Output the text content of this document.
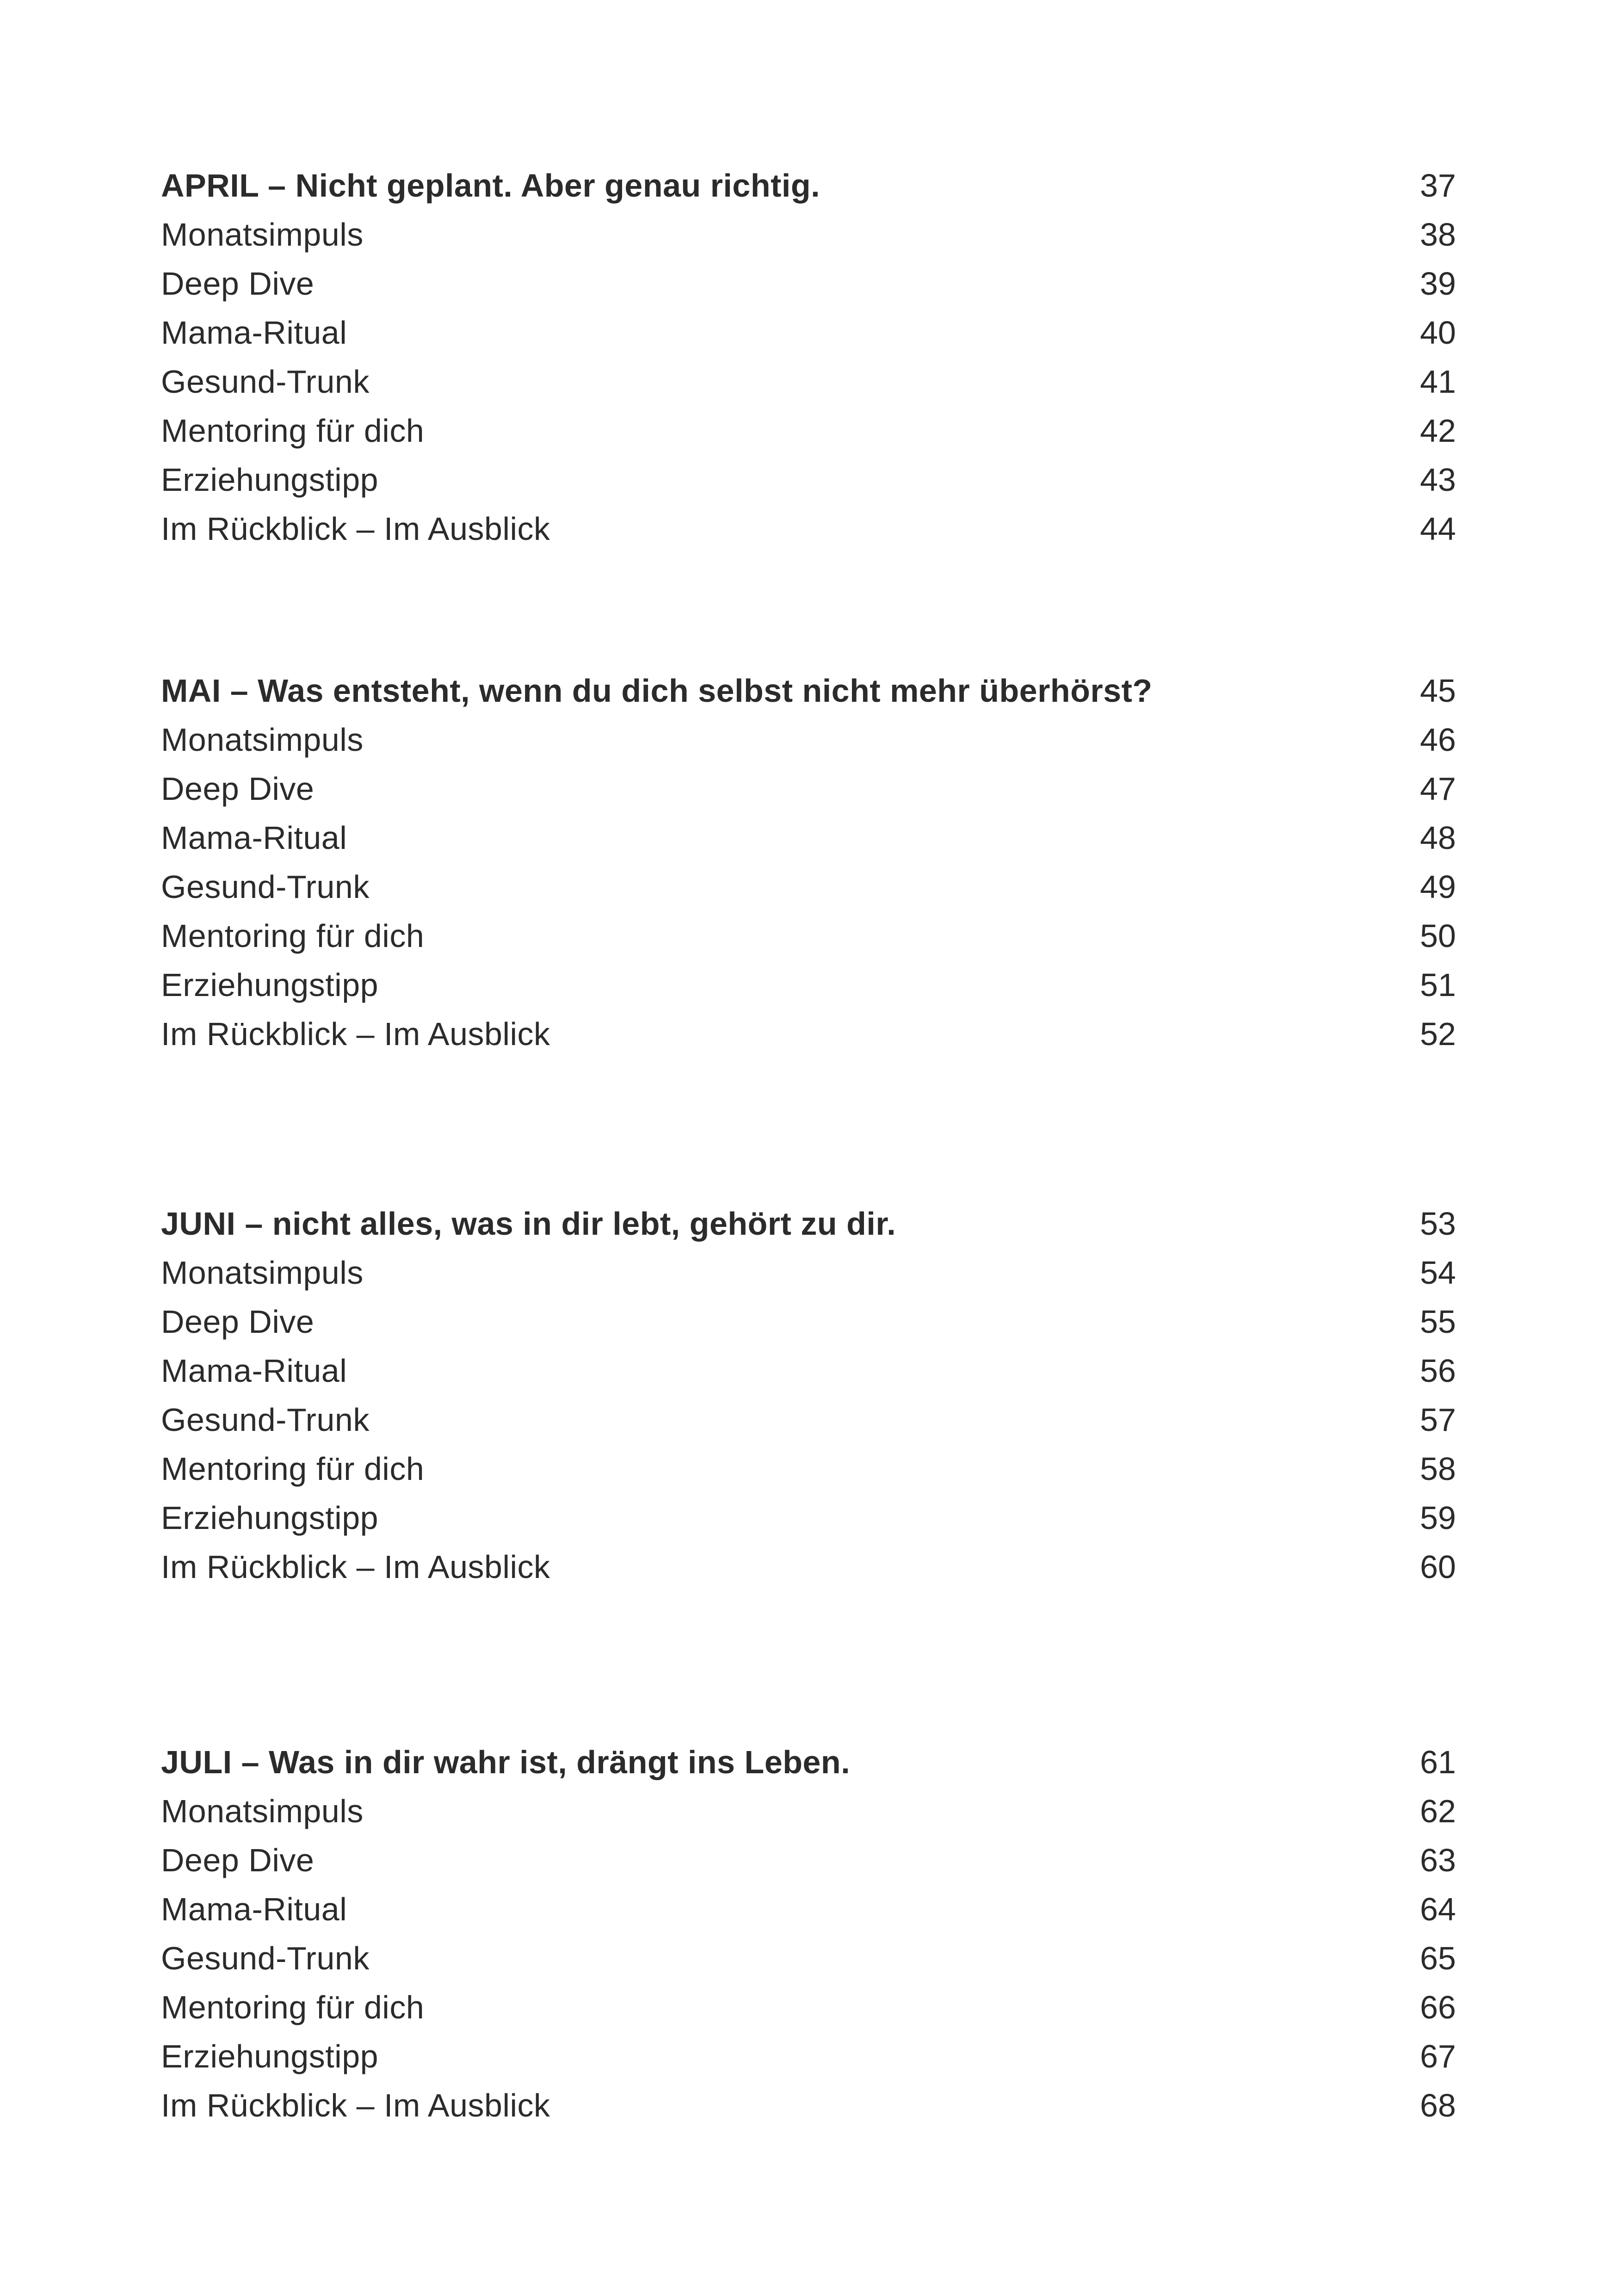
APRIL – Nicht geplant. Aber genau richtig.	37
Monatsimpuls	38
Deep Dive	39
Mama-Ritual	40
Gesund-Trunk	41
Mentoring für dich	42
Erziehungstipp	43
Im Rückblick – Im Ausblick	44
MAI – Was entsteht, wenn du dich selbst nicht mehr überhörst?	45
Monatsimpuls	46
Deep Dive	47
Mama-Ritual	48
Gesund-Trunk	49
Mentoring für dich	50
Erziehungstipp	51
Im Rückblick – Im Ausblick	52
JUNI – nicht alles, was in dir lebt, gehört zu dir.	53
Monatsimpuls	54
Deep Dive	55
Mama-Ritual	56
Gesund-Trunk	57
Mentoring für dich	58
Erziehungstipp	59
Im Rückblick – Im Ausblick	60
JULI – Was in dir wahr ist, drängt ins Leben.	61
Monatsimpuls	62
Deep Dive	63
Mama-Ritual	64
Gesund-Trunk	65
Mentoring für dich	66
Erziehungstipp	67
Im Rückblick – Im Ausblick	68
